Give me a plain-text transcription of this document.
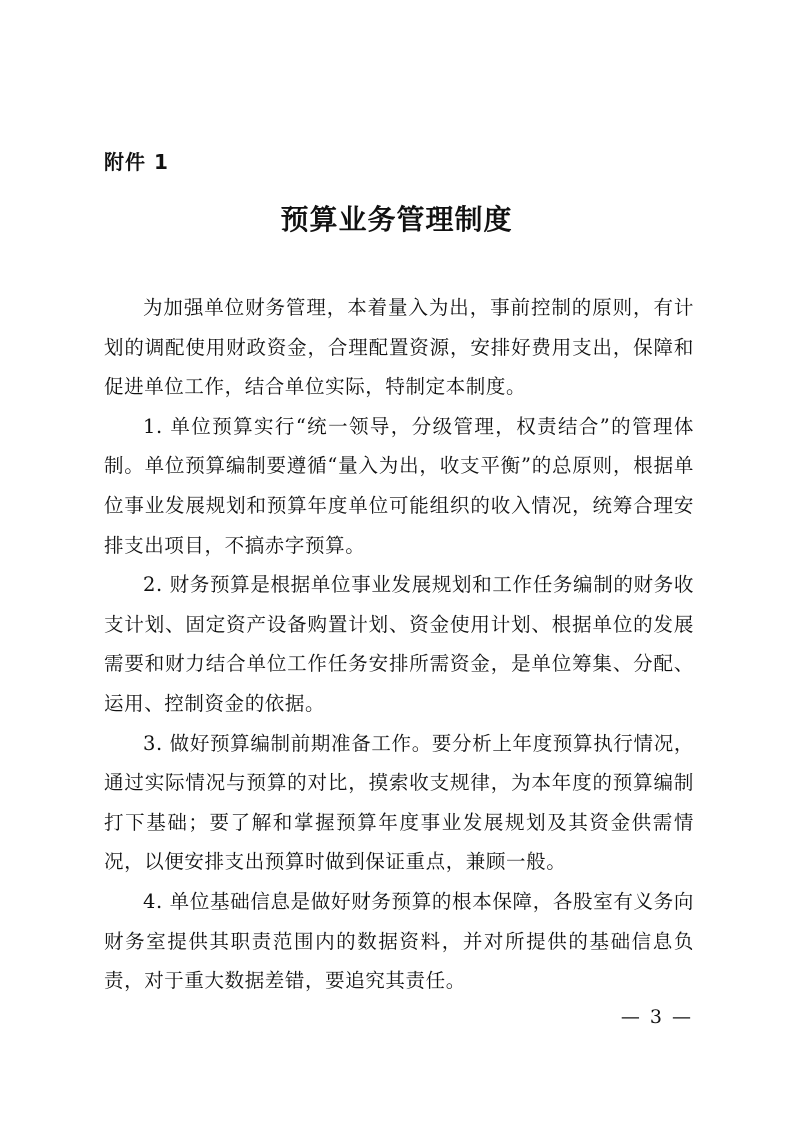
附件 1
预算业务管理制度

为加强单位财务管理，本着量入为出，事前控制的原则，有计划的调配使用财政资金，合理配置资源，安排好费用支出，保障和促进单位工作，结合单位实际，特制定本制度。

1. 单位预算实行“统一领导，分级管理，权责结合”的管理体制。单位预算编制要遵循“量入为出，收支平衡”的总原则，根据单位事业发展规划和预算年度单位可能组织的收入情况，统筹合理安排支出项目，不搞赤字预算。

2. 财务预算是根据单位事业发展规划和工作任务编制的财务收支计划、固定资产设备购置计划、资金使用计划、根据单位的发展需要和财力结合单位工作任务安排所需资金，是单位筹集、分配、运用、控制资金的依据。

3. 做好预算编制前期准备工作。要分析上年度预算执行情况，通过实际情况与预算的对比，摸索收支规律，为本年度的预算编制打下基础；要了解和掌握预算年度事业发展规划及其资金供需情况，以便安排支出预算时做到保证重点，兼顾一般。

4. 单位基础信息是做好财务预算的根本保障，各股室有义务向财务室提供其职责范围内的数据资料，并对所提供的基础信息负责，对于重大数据差错，要追究其责任。

— 3 —
